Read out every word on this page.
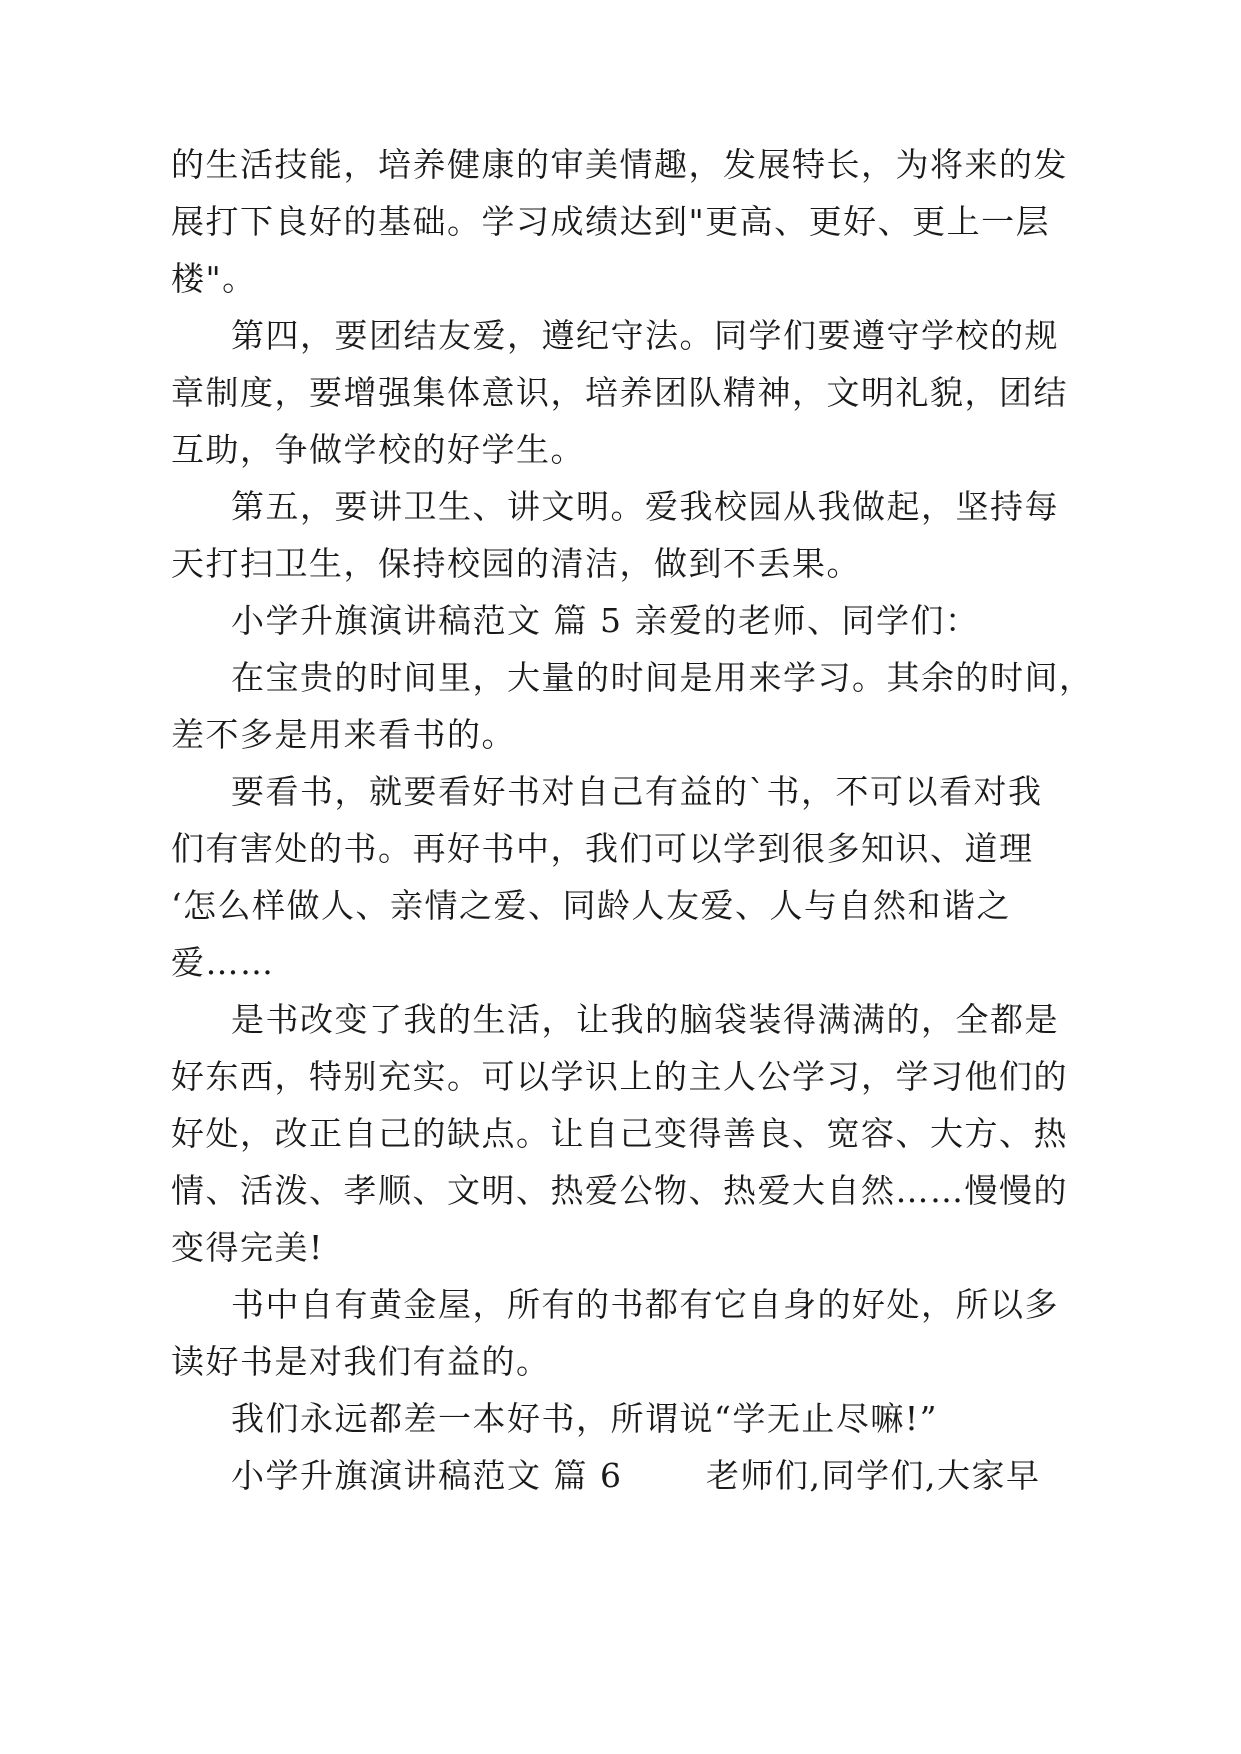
的生活技能，培养健康的审美情趣，发展特长，为将来的发
展打下良好的基础。学习成绩达到"更高、更好、更上一层
楼"。
第四，要团结友爱，遵纪守法。同学们要遵守学校的规
章制度，要增强集体意识，培养团队精神，文明礼貌，团结
互助，争做学校的好学生。
第五，要讲卫生、讲文明。爱我校园从我做起，坚持每
天打扫卫生，保持校园的清洁，做到不丢果。
小学升旗演讲稿范文 篇 5 亲爱的老师、同学们：
在宝贵的时间里，大量的时间是用来学习。其余的时间，
差不多是用来看书的。
要看书，就要看好书对自己有益的`书，不可以看对我
们有害处的书。再好书中，我们可以学到很多知识、道理
‘怎么样做人、亲情之爱、同龄人友爱、人与自然和谐之
爱……
是书改变了我的生活，让我的脑袋装得满满的，全都是
好东西，特别充实。可以学识上的主人公学习，学习他们的
好处，改正自己的缺点。让自己变得善良、宽容、大方、热
情、活泼、孝顺、文明、热爱公物、热爱大自然……慢慢的
变得完美!
书中自有黄金屋，所有的书都有它自身的好处，所以多
读好书是对我们有益的。
我们永远都差一本好书，所谓说“学无止尽嘛!”
小学升旗演讲稿范文 篇 6	老师们,同学们,大家早
